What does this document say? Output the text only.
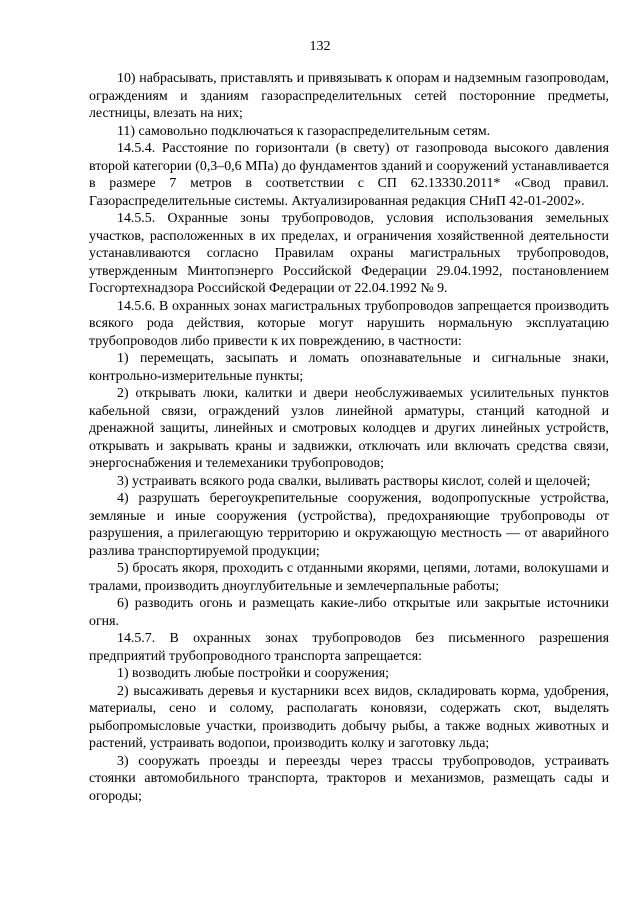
132

10) набрасывать, приставлять и привязывать к опорам и надземным газопроводам, ограждениям и зданиям газораспределительных сетей посторонние предметы, лестницы, влезать на них;

11) самовольно подключаться к газораспределительным сетям.

14.5.4. Расстояние по горизонтали (в свету) от газопровода высокого давления второй категории (0,3–0,6 МПа) до фундаментов зданий и сооружений устанавливается в размере 7 метров в соответствии с СП 62.13330.2011* «Свод правил. Газораспределительные системы. Актуализированная редакция СНиП 42-01-2002».

14.5.5. Охранные зоны трубопроводов, условия использования земельных участков, расположенных в их пределах, и ограничения хозяйственной деятельности устанавливаются согласно Правилам охраны магистральных трубопроводов, утвержденным Минтопэнерго Российской Федерации 29.04.1992, постановлением Госгортехнадзора Российской Федерации от 22.04.1992 № 9.

14.5.6. В охранных зонах магистральных трубопроводов запрещается производить всякого рода действия, которые могут нарушить нормальную эксплуатацию трубопроводов либо привести к их повреждению, в частности:

1) перемещать, засыпать и ломать опознавательные и сигнальные знаки, контрольно-измерительные пункты;

2) открывать люки, калитки и двери необслуживаемых усилительных пунктов кабельной связи, ограждений узлов линейной арматуры, станций катодной и дренажной защиты, линейных и смотровых колодцев и других линейных устройств, открывать и закрывать краны и задвижки, отключать или включать средства связи, энергоснабжения и телемеханики трубопроводов;

3) устраивать всякого рода свалки, выливать растворы кислот, солей и щелочей;

4) разрушать берегоукрепительные сооружения, водопропускные устройства, земляные и иные сооружения (устройства), предохраняющие трубопроводы от разрушения, а прилегающую территорию и окружающую местность — от аварийного разлива транспортируемой продукции;

5) бросать якоря, проходить с отданными якорями, цепями, лотами, волокушами и тралами, производить дноуглубительные и землечерпальные работы;

6) разводить огонь и размещать какие-либо открытые или закрытые источники огня.

14.5.7. В охранных зонах трубопроводов без письменного разрешения предприятий трубопроводного транспорта запрещается:

1) возводить любые постройки и сооружения;

2) высаживать деревья и кустарники всех видов, складировать корма, удобрения, материалы, сено и солому, располагать коновязи, содержать скот, выделять рыбопромысловые участки, производить добычу рыбы, а также водных животных и растений, устраивать водопои, производить колку и заготовку льда;

3) сооружать проезды и переезды через трассы трубопроводов, устраивать стоянки автомобильного транспорта, тракторов и механизмов, размещать сады и огороды;
